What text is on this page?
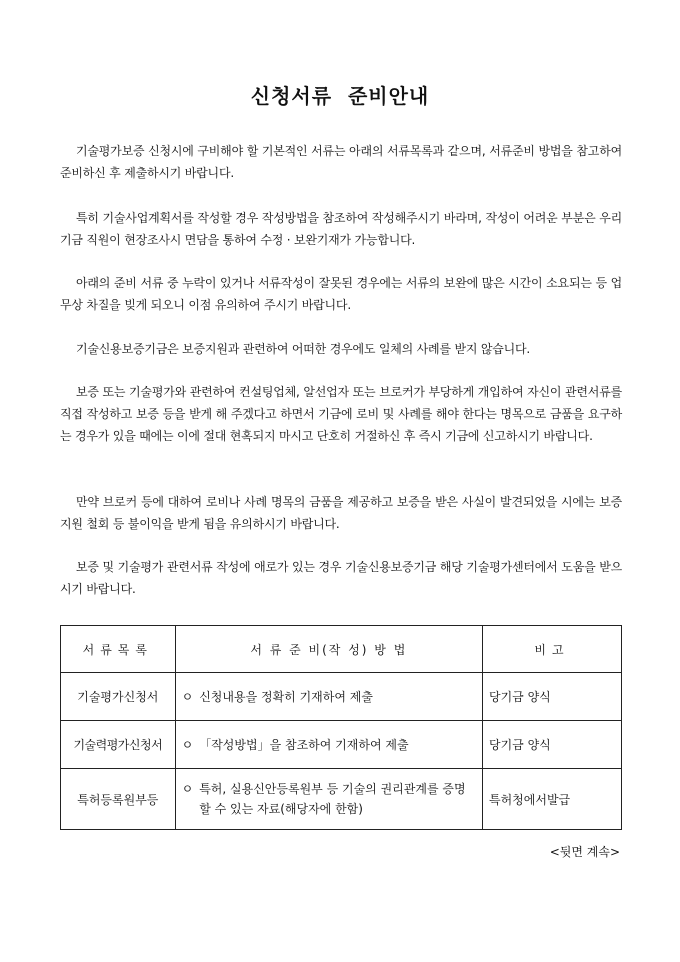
신청서류  준비안내

기술평가보증 신청시에 구비해야 할 기본적인 서류는 아래의 서류목록과 같으며, 서류준비 방법을 참고하여 준비하신 후 제출하시기 바랍니다.

특히 기술사업계획서를 작성할 경우 작성방법을 참조하여 작성해주시기 바라며, 작성이 어려운 부분은 우리기금 직원이 현장조사시 면담을 통하여 수정 · 보완기재가 가능합니다.

아래의 준비 서류 중 누락이 있거나 서류작성이 잘못된 경우에는 서류의 보완에 많은 시간이 소요되는 등 업무상 차질을 빚게 되오니 이점 유의하여 주시기 바랍니다.

기술신용보증기금은 보증지원과 관련하여 어떠한 경우에도 일체의 사례를 받지 않습니다.

보증 또는 기술평가와 관련하여 컨설팅업체, 알선업자 또는 브로커가 부당하게 개입하여 자신이 관련서류를 직접 작성하고 보증 등을 받게 해 주겠다고 하면서 기금에 로비 및 사례를 해야 한다는 명목으로 금품을 요구하는 경우가 있을 때에는 이에 절대 현혹되지 마시고 단호히 거절하신 후 즉시 기금에 신고하시기 바랍니다.

만약 브로커 등에 대하여 로비나 사례 명목의 금품을 제공하고 보증을 받은 사실이 발견되었을 시에는 보증지원 철회 등 불이익을 받게 됨을 유의하시기 바랍니다.

보증 및 기술평가 관련서류 작성에 애로가 있는 경우 기술신용보증기금 해당 기술평가센터에서 도움을 받으시기 바랍니다.

서류목록	서 류 준 비(작 성) 방 법	비고
기술평가신청서	ㅇ 신청내용을 정확히 기재하여 제출	당기금 양식
기술력평가신청서	ㅇ 「작성방법」을 참조하여 기재하여 제출	당기금 양식
특허등록원부등	ㅇ 특허, 실용신안등록원부 등 기술의 권리관계를 증명할 수 있는 자료(해당자에 한함)	특허청에서발급
<뒷면 계속>
